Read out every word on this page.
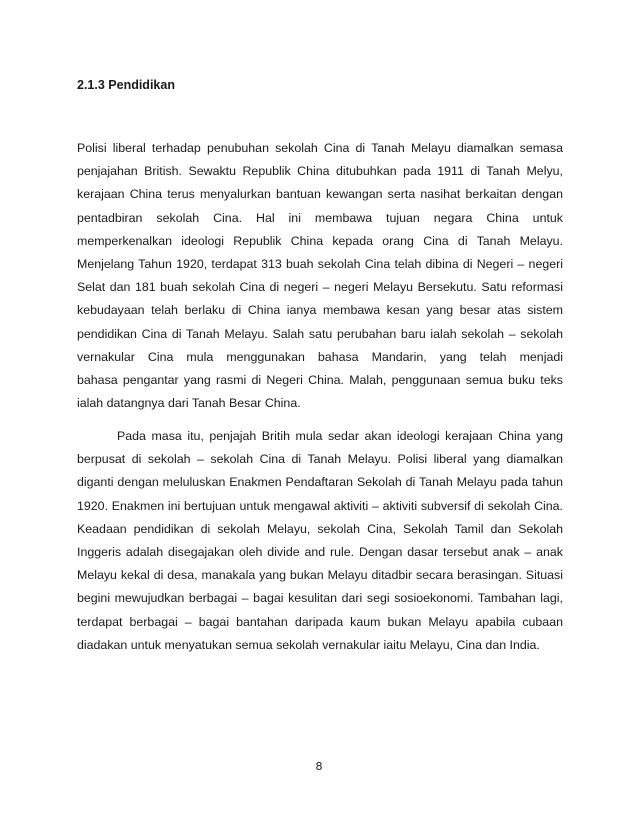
2.1.3 Pendidikan
Polisi liberal terhadap penubuhan sekolah Cina di Tanah Melayu diamalkan semasa
penjajahan British. Sewaktu Republik China ditubuhkan pada 1911 di Tanah Melyu,
kerajaan China terus menyalurkan bantuan kewangan serta nasihat berkaitan dengan
pentadbiran sekolah Cina. Hal ini membawa tujuan negara China untuk
memperkenalkan ideologi Republik China kepada orang Cina di Tanah Melayu.
Menjelang Tahun 1920, terdapat 313 buah sekolah Cina telah dibina di Negeri – negeri
Selat dan 181 buah sekolah Cina di negeri – negeri Melayu Bersekutu. Satu reformasi
kebudayaan telah berlaku di China ianya membawa kesan yang besar atas sistem
pendidikan Cina di Tanah Melayu. Salah satu perubahan baru ialah sekolah – sekolah
vernakular Cina mula menggunakan bahasa Mandarin, yang telah menjadi
bahasa pengantar yang rasmi di Negeri China. Malah, penggunaan semua buku teks
ialah datangnya dari Tanah Besar China.
Pada masa itu, penjajah Britih mula sedar akan ideologi kerajaan China yang
berpusat di sekolah – sekolah Cina di Tanah Melayu. Polisi liberal yang diamalkan
diganti dengan meluluskan Enakmen Pendaftaran Sekolah di Tanah Melayu pada tahun
1920. Enakmen ini bertujuan untuk mengawal aktiviti – aktiviti subversif di sekolah Cina.
Keadaan pendidikan di sekolah Melayu, sekolah Cina, Sekolah Tamil dan Sekolah
Inggeris adalah disegajakan oleh divide and rule. Dengan dasar tersebut anak – anak
Melayu kekal di desa, manakala yang bukan Melayu ditadbir secara berasingan. Situasi
begini mewujudkan berbagai – bagai kesulitan dari segi sosioekonomi. Tambahan lagi,
terdapat berbagai – bagai bantahan daripada kaum bukan Melayu apabila cubaan
diadakan untuk menyatukan semua sekolah vernakular iaitu Melayu, Cina dan India.
8
